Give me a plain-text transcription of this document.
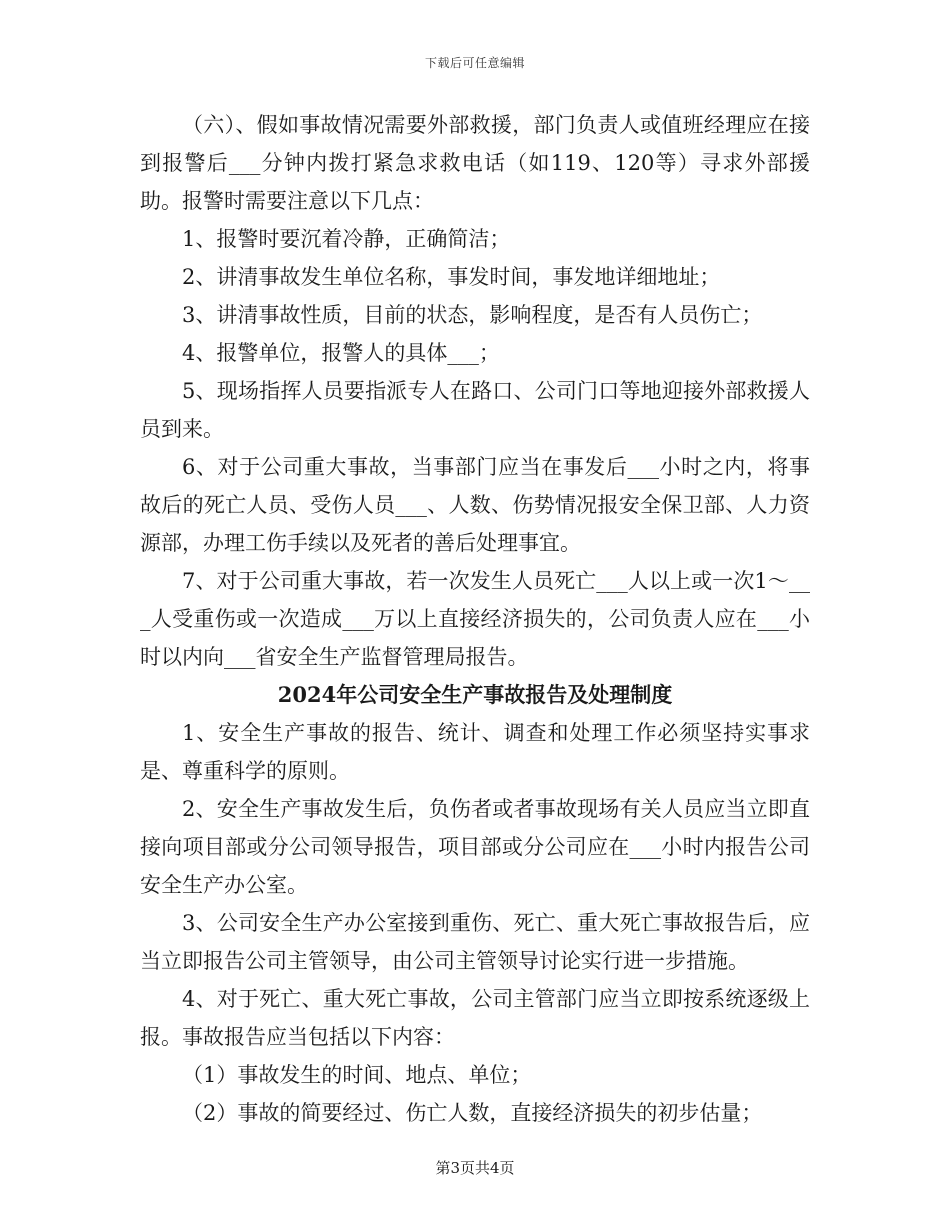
下载后可任意编辑

（六）、假如事故情况需要外部救援，部门负责人或值班经理应在接到报警后___分钟内拨打紧急求救电话（如119、120等）寻求外部援助。报警时需要注意以下几点：

1、报警时要沉着冷静，正确简洁；

2、讲清事故发生单位名称，事发时间，事发地详细地址；

3、讲清事故性质，目前的状态，影响程度，是否有人员伤亡；

4、报警单位，报警人的具体___；

5、现场指挥人员要指派专人在路口、公司门口等地迎接外部救援人员到来。

6、对于公司重大事故，当事部门应当在事发后___小时之内，将事故后的死亡人员、受伤人员___、人数、伤势情况报安全保卫部、人力资源部，办理工伤手续以及死者的善后处理事宜。

7、对于公司重大事故，若一次发生人员死亡___人以上或一次1～___人受重伤或一次造成___万以上直接经济损失的，公司负责人应在___小时以内向___省安全生产监督管理局报告。

2024年公司安全生产事故报告及处理制度

1、安全生产事故的报告、统计、调查和处理工作必须坚持实事求是、尊重科学的原则。

2、安全生产事故发生后，负伤者或者事故现场有关人员应当立即直接向项目部或分公司领导报告，项目部或分公司应在___小时内报告公司安全生产办公室。

3、公司安全生产办公室接到重伤、死亡、重大死亡事故报告后，应当立即报告公司主管领导，由公司主管领导讨论实行进一步措施。

4、对于死亡、重大死亡事故，公司主管部门应当立即按系统逐级上报。事故报告应当包括以下内容：

（1）事故发生的时间、地点、单位；

（2）事故的简要经过、伤亡人数，直接经济损失的初步估量；

第3页共4页
